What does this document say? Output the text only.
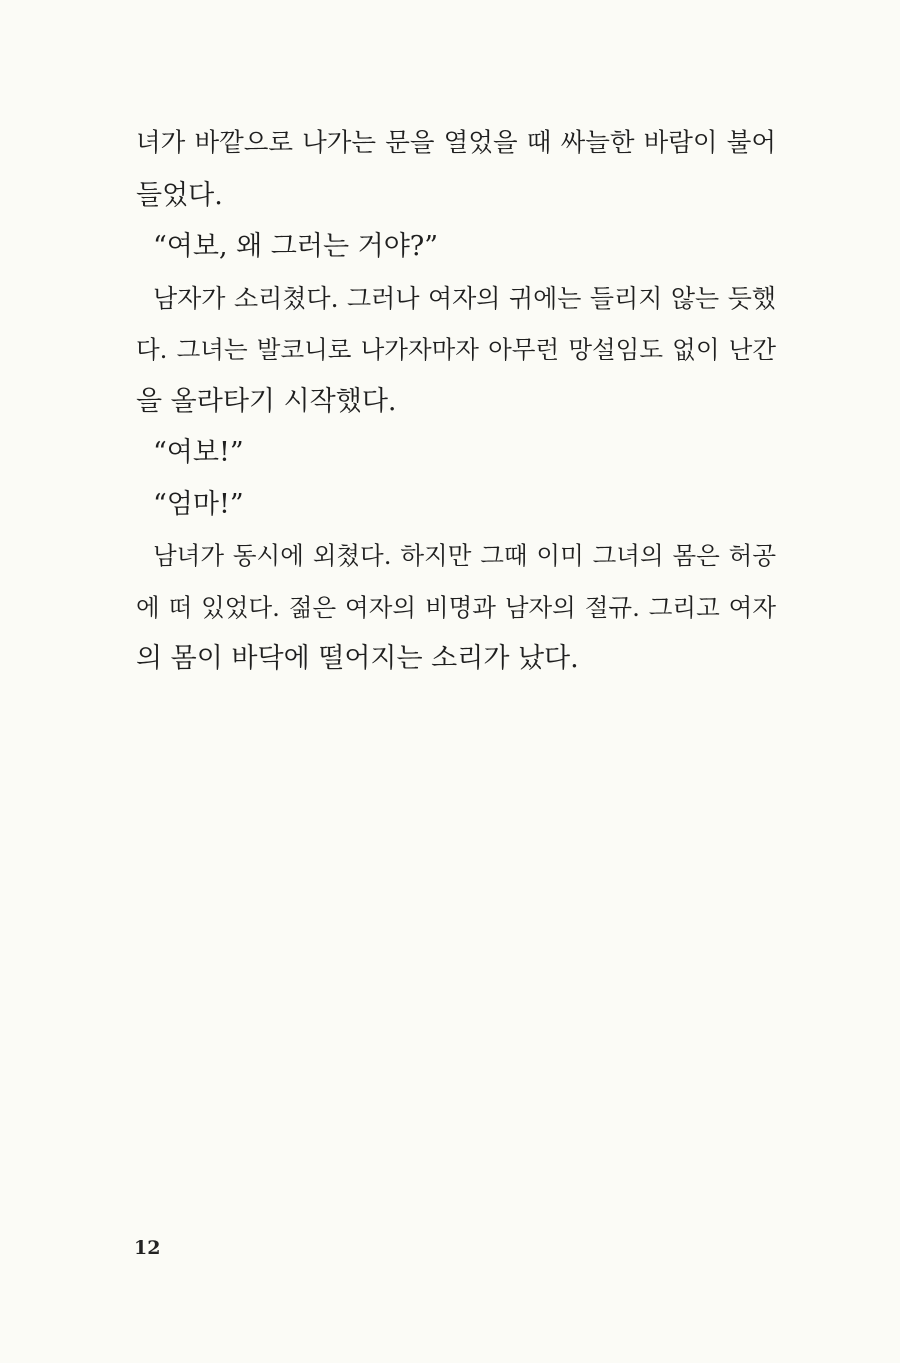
녀가 바깥으로 나가는 문을 열었을 때 싸늘한 바람이 불어
들었다.
“여보, 왜 그러는 거야?”
남자가 소리쳤다. 그러나 여자의 귀에는 들리지 않는 듯했
다. 그녀는 발코니로 나가자마자 아무런 망설임도 없이 난간
을 올라타기 시작했다.
“여보!”
“엄마!”
남녀가 동시에 외쳤다. 하지만 그때 이미 그녀의 몸은 허공
에 떠 있었다. 젊은 여자의 비명과 남자의 절규. 그리고 여자
의 몸이 바닥에 떨어지는 소리가 났다.
12
